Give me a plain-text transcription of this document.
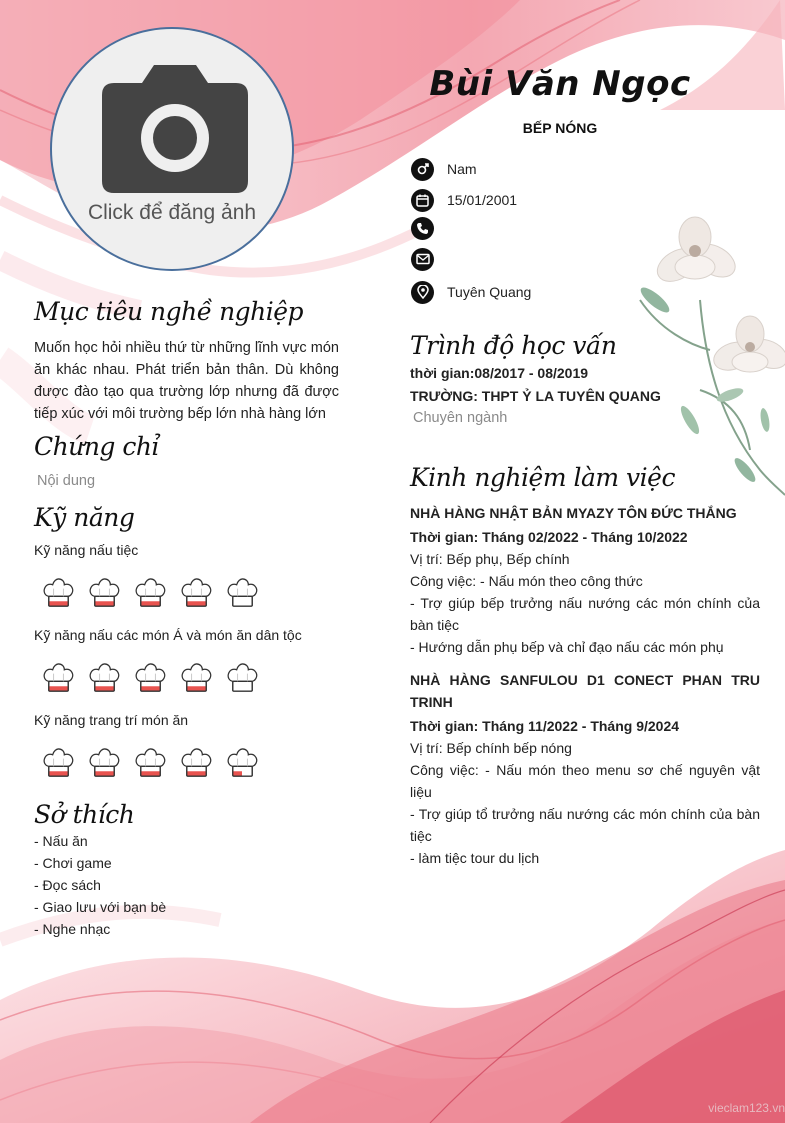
Click để đăng ảnh
Bùi Văn Ngọc
BẾP NÓNG
Nam
15/01/2001
Tuyên Quang
Mục tiêu nghề nghiệp
Muốn học hỏi nhiều thứ từ những lĩnh vực món ăn khác nhau. Phát triển bản thân. Dù không được đào tạo qua trường lớp nhưng đã được tiếp xúc với môi trường bếp lớn nhà hàng lớn
Chứng chỉ
Nội dung
Kỹ năng
Kỹ năng nấu tiệc
Kỹ năng nấu các món Á và món ăn dân tộc
Kỹ năng trang trí món ăn
Sở thích
- Nấu ăn
- Chơi game
- Đọc sách
- Giao lưu với bạn bè
- Nghe nhạc
Trình độ học vấn
thời gian:08/2017 - 08/2019
TRƯỜNG: THPT Ỷ LA TUYÊN QUANG
Chuyên ngành
Kinh nghiệm làm việc
NHÀ HÀNG NHẬT BẢN MYAZY TÔN ĐỨC THẮNG
Thời gian: Tháng 02/2022 - Tháng 10/2022
Vị trí: Bếp phụ, Bếp chính
Công việc: - Nấu món theo công thức
- Trợ giúp bếp trưởng nấu nướng các món chính của bàn tiệc
- Hướng dẫn phụ bếp và chỉ đạo nấu các món phụ
NHÀ HÀNG SANFULOU D1 CONECT PHAN TRU TRINH
Thời gian: Tháng 11/2022 - Tháng 9/2024
Vị trí: Bếp chính bếp nóng
Công việc: - Nấu món theo menu sơ chế nguyên vật liệu
- Trợ giúp tổ trưởng nấu nướng các món chính của bàn tiệc
- làm tiệc tour du lịch
vieclam123.vn
